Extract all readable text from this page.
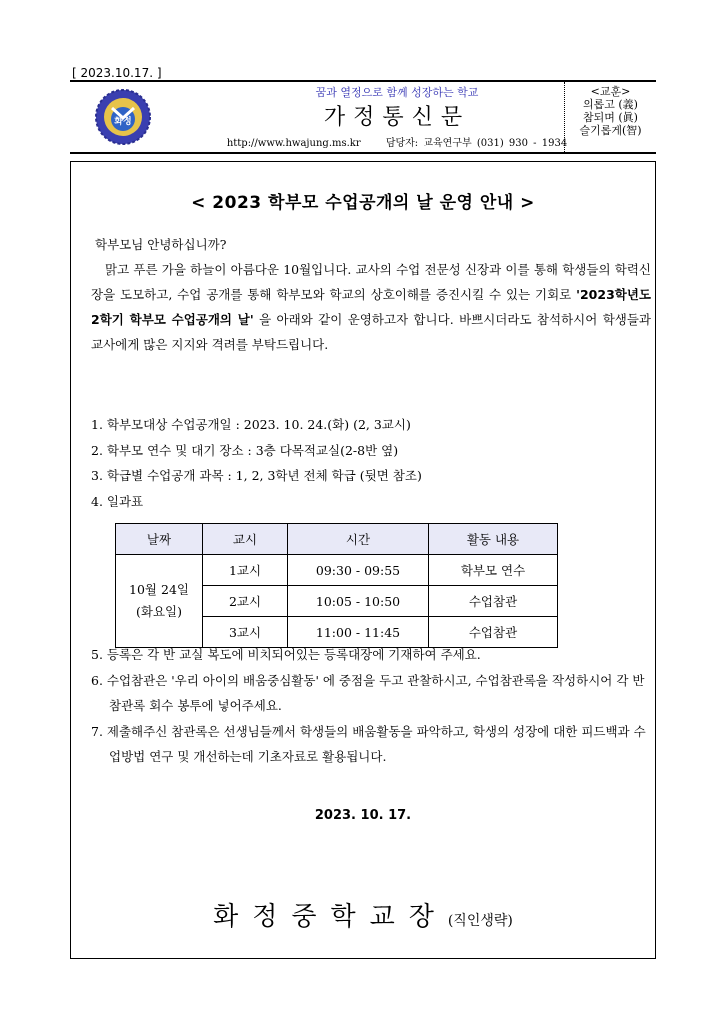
[ 2023.10.17. ]
화정
꿈과 열정으로 함께 성장하는 학교
가정통신문
http://www.hwajung.ms.kr	담당자: 교육연구부 (031) 930 - 1934
<교훈>
의롭고 (義)
참되며 (眞)
슬기롭게(智)
< 2023 학부모 수업공개의 날 운영 안내 >
학부모님 안녕하십니까?
맑고 푸른 가을 하늘이 아름다운 10월입니다. 교사의 수업 전문성 신장과 이를 통해 학생들의 학력신장을 도모하고, 수업 공개를 통해 학부모와 학교의 상호이해를 증진시킬 수 있는 기회로 '2023학년도 2학기 학부모 수업공개의 날' 을 아래와 같이 운영하고자 합니다. 바쁘시더라도 참석하시어 학생들과 교사에게 많은 지지와 격려를 부탁드립니다.
1. 학부모대상 수업공개일 : 2023. 10. 24.(화) (2, 3교시)
2. 학부모 연수 및 대기 장소 : 3층 다목적교실(2-8반 옆)
3. 학급별 수업공개 과목 : 1, 2, 3학년 전체 학급 (뒷면 참조)
4. 일과표
날짜	교시	시간	활동 내용
10월 24일
(화요일)	1교시	09:30 - 09:55	학부모 연수
	2교시	10:05 - 10:50	수업참관
	3교시	11:00 - 11:45	수업참관
5. 등록은 각 반 교실 복도에 비치되어있는 등록대장에 기재하여 주세요.
6. 수업참관은 '우리 아이의 배움중심활동' 에 중점을 두고 관찰하시고, 수업참관록을 작성하시어 각 반 참관록 회수 봉투에 넣어주세요.
7. 제출해주신 참관록은 선생님들께서 학생들의 배움활동을 파악하고, 학생의 성장에 대한 피드백과 수업방법 연구 및 개선하는데 기초자료로 활용됩니다.
2023. 10. 17.
화정중학교장(직인생략)
